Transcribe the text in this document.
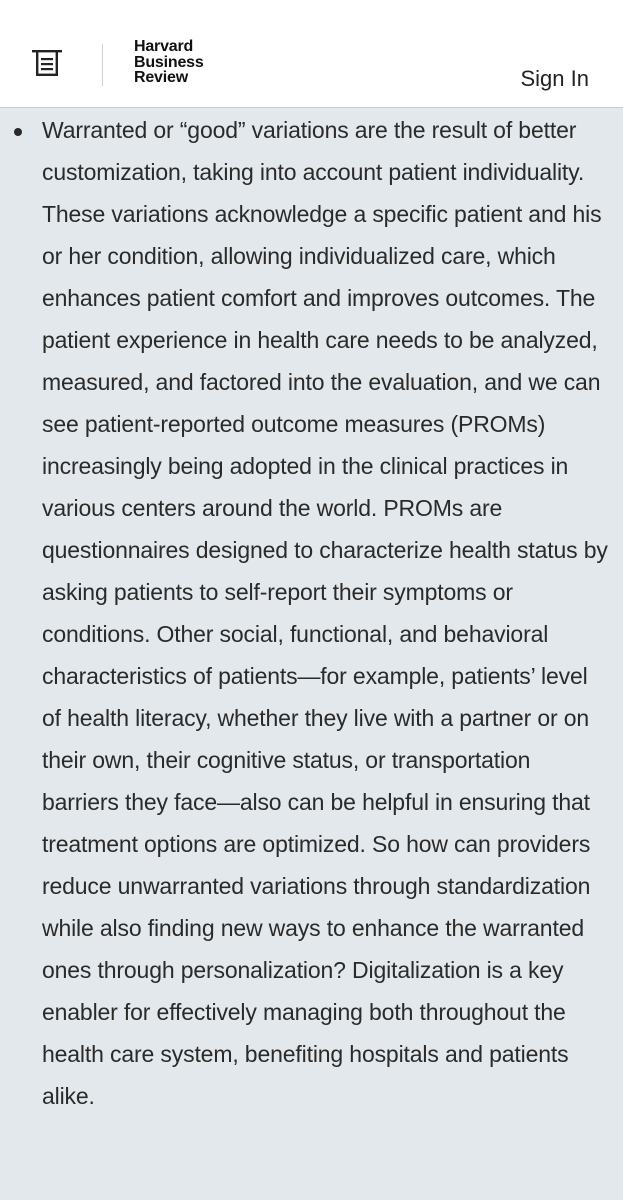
Harvard
Business
Review	Sign In
Warranted or “good” variations are the result of better customization, taking into account patient individuality. These variations acknowledge a specific patient and his or her condition, allowing individualized care, which enhances patient comfort and improves outcomes. The patient experience in health care needs to be analyzed, measured, and factored into the evaluation, and we can see patient-reported outcome measures (PROMs) increasingly being adopted in the clinical practices in various centers around the world. PROMs are questionnaires designed to characterize health status by asking patients to self-report their symptoms or conditions. Other social, functional, and behavioral characteristics of patients—for example, patients’ level of health literacy, whether they live with a partner or on their own, their cognitive status, or transportation barriers they face—also can be helpful in ensuring that treatment options are optimized. So how can providers reduce unwarranted variations through standardization while also finding new ways to enhance the warranted ones through personalization? Digitalization is a key enabler for effectively managing both throughout the health care system, benefiting hospitals and patients alike.
